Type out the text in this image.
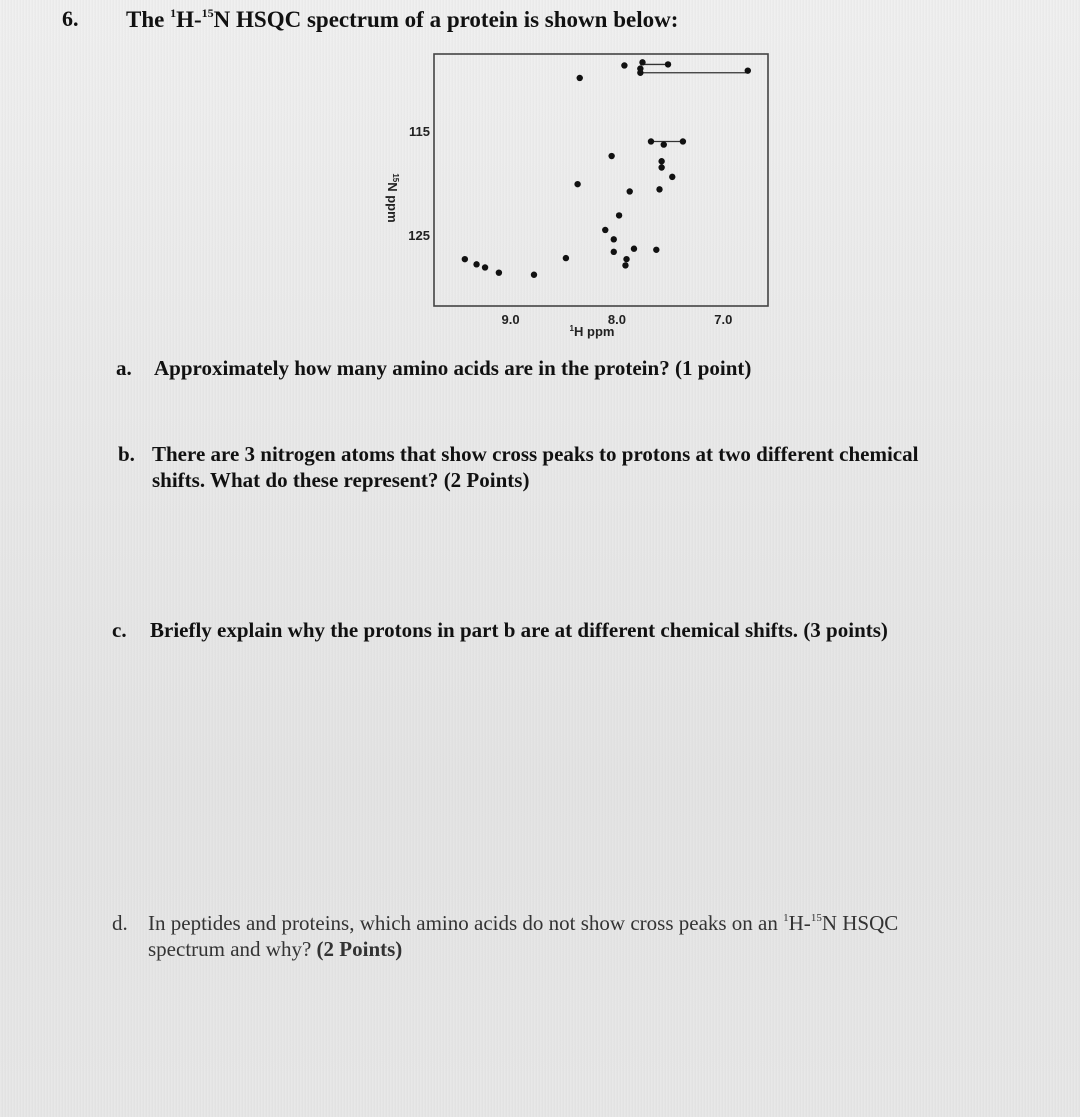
6. The $^1$H-$^{15}$N HSQC spectrum of a protein is shown below:
9.0	8.0	7.0
115
125
$^1$H ppm
$^{15}$N ppm
a. Approximately how many amino acids are in the protein? (1 point)
b. There are 3 nitrogen atoms that show cross peaks to protons at two different chemical
shifts. What do these represent? (2 Points)
c. Briefly explain why the protons in part b are at different chemical shifts. (3 points)
d. In peptides and proteins, which amino acids do not show cross peaks on an $^1$H-$^{15}$N HSQC
spectrum and why? (2 Points)
